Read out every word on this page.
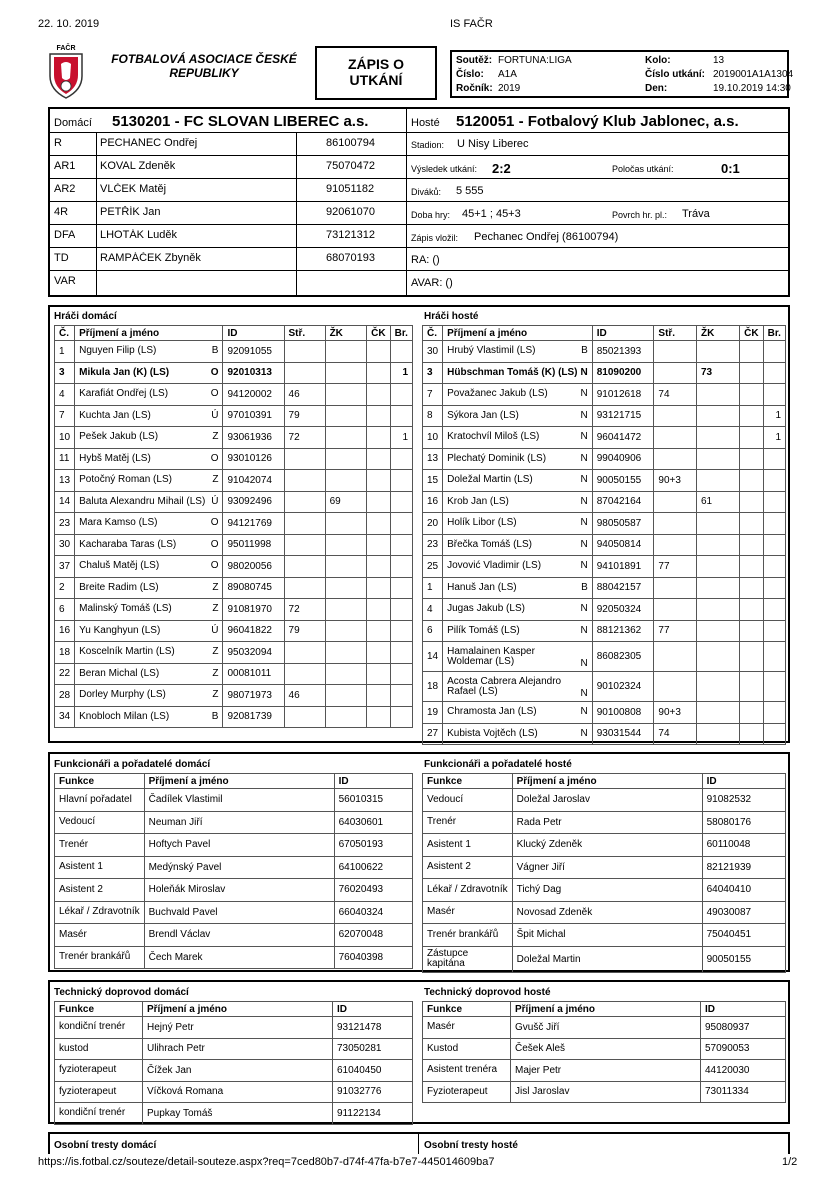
22. 10. 2019	IS FAČR
FAČR
FOTBALOVÁ ASOCIACE ČESKÉ
REPUBLIKY
ZÁPIS O
UTKÁNÍ
Soutěž: FORTUNA:LIGA
Číslo: A1A
Ročník: 2019
Kolo:	13
Číslo utkání: 2019001A1A1304
Den:	19.10.2019 14:30
Domácí 5130201 - FC SLOVAN LIBEREC a.s.	Hosté 5120051 - Fotbalový Klub Jablonec, a.s.
R	PECHANEC Ondřej	86100794
AR1 KOVAL Zdeněk	75070472
AR2 VLČEK Matěj	91051182
4R	PETŘÍK Jan	92061070
DFA LHOTÁK Luděk	73121312
TD	RAMPÁČEK Zbyněk	68070193
VAR
Stadion: U Nisy Liberec
Výsledek utkání: 2:2	Poločas utkání:	0:1
Diváků: 5 555
Doba hry: 45+1 ; 45+3	Povrch hr. pl.: Tráva
Zápis vložil: Pechanec Ondřej (86100794)
RA: ()
AVAR: ()
Hráči domácí	Hráči hosté
Č.	Příjmení a jméno	ID	Stř.	ŽK	ČK	Br.
1	Nguyen Filip (LS) B	92091055				
3	Mikula Jan (K) (LS) O	92010313				1
4	Karafiát Ondřej (LS) O	94120002	46			
7	Kuchta Jan (LS) Ú	97010391	79			
10	Pešek Jakub (LS) Z	93061936	72			1
11	Hybš Matěj (LS) O	93010126				
13	Potočný Roman (LS) Z	91042074				
14	Baluta Alexandru Mihail (LS) Ú	93092496		69		
23	Mara Kamso (LS) O	94121769				
30	Kacharaba Taras (LS) O	95011998				
37	Chaluš Matěj (LS) O	98020056				
2	Breite Radim (LS) Z	89080745				
6	Malinský Tomáš (LS) Z	91081970	72			
16	Yu Kanghyun (LS) Ú	96041822	79			
18	Koscelník Martin (LS) Z	95032094				
22	Beran Michal (LS) Z	00081011				
28	Dorley Murphy (LS) Z	98071973	46			
34	Knobloch Milan (LS) B	92081739				
Č.	Příjmení a jméno	ID	Stř.	ŽK	ČK	Br.
30	Hrubý Vlastimil (LS) B	85021393				
3	Hübschman Tomáš (K) (LS) N	81090200		73		
7	Považanec Jakub (LS) N	91012618	74			
8	Sýkora Jan (LS) N	93121715				1
10	Kratochvíl Miloš (LS) N	96041472				1
13	Plechatý Dominik (LS) N	99040906				
15	Doležal Martin (LS) N	90050155	90+3			
16	Krob Jan (LS) N	87042164		61		
20	Holík Libor (LS) N	98050587				
23	Břečka Tomáš (LS) N	94050814				
25	Jovović Vladimir (LS) N	94101891	77			
1	Hanuš Jan (LS) B	88042157				
4	Jugas Jakub (LS) N	92050324				
6	Pilík Tomáš (LS) N	88121362	77			
14	Hamalainen Kasper Woldemar (LS) N	86082305				
18	Acosta Cabrera Alejandro Rafael (LS) N	90102324				
19	Chramosta Jan (LS) N	90100808	90+3			
27	Kubista Vojtěch (LS) N	93031544	74			
Funkcionáři a pořadatelé domácí	Funkcionáři a pořadatelé hosté
Funkce	Příjmení a jméno	ID
Hlavní pořadatel	Čadílek Vlastimil	56010315
Vedoucí	Neuman Jiří	64030601
Trenér	Hoftych Pavel	67050193
Asistent 1	Medýnský Pavel	64100622
Asistent 2	Holeňák Miroslav	76020493
Lékař / Zdravotník	Buchvald Pavel	66040324
Masér	Brendl Václav	62070048
Trenér brankářů	Čech Marek	76040398
Funkce	Příjmení a jméno	ID
Vedoucí	Doležal Jaroslav	91082532
Trenér	Rada Petr	58080176
Asistent 1	Klucký Zdeněk	60110048
Asistent 2	Vágner Jiří	82121939
Lékař / Zdravotník	Tichý Dag	64040410
Masér	Novosad Zdeněk	49030087
Trenér brankářů	Špit Michal	75040451
Zástupce kapitána	Doležal Martin	90050155
Technický doprovod domácí	Technický doprovod hosté
Funkce	Příjmení a jméno	ID
kondiční trenér	Hejný Petr	93121478
kustod	Ulihrach Petr	73050281
fyzioterapeut	Čížek Jan	61040450
fyzioterapeut	Víčková Romana	91032776
kondiční trenér	Pupkay Tomáš	91122134
Funkce	Příjmení a jméno	ID
Masér	Gvušč Jiří	95080937
Kustod	Češek Aleš	57090053
Asistent trenéra	Majer Petr	44120030
Fyzioterapeut	Jisl Jaroslav	73011334
Osobní tresty domácí	Osobní tresty hosté
https://is.fotbal.cz/souteze/detail-souteze.aspx?req=7ced80b7-d74f-47fa-b7e7-445014609ba7	1/2
